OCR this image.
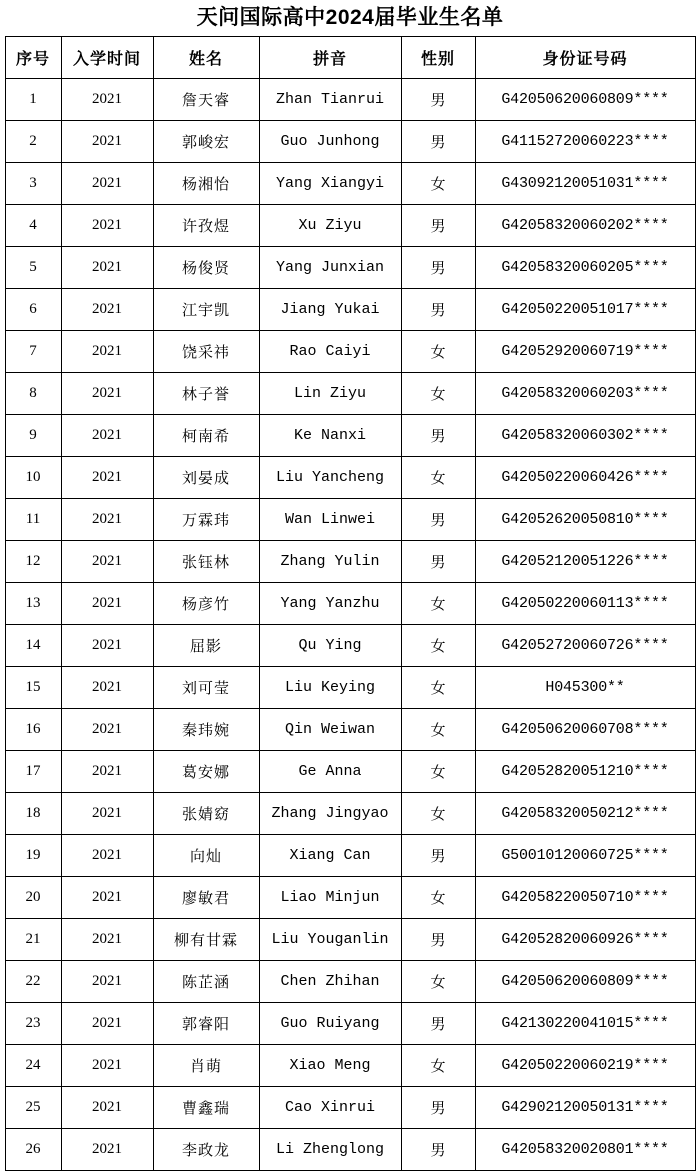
天问国际高中2024届毕业生名单
序号	入学时间	姓名	拼音	性别	身份证号码
1	2021	詹天睿	Zhan Tianrui	男	G42050620060809****
2	2021	郭峻宏	Guo Junhong	男	G41152720060223****
3	2021	杨湘怡	Yang Xiangyi	女	G43092120051031****
4	2021	许孜煜	Xu Ziyu	男	G42058320060202****
5	2021	杨俊贤	Yang Junxian	男	G42058320060205****
6	2021	江宇凯	Jiang Yukai	男	G42050220051017****
7	2021	饶采祎	Rao Caiyi	女	G42052920060719****
8	2021	林子誉	Lin Ziyu	女	G42058320060203****
9	2021	柯南希	Ke Nanxi	男	G42058320060302****
10	2021	刘晏成	Liu Yancheng	女	G42050220060426****
11	2021	万霖玮	Wan Linwei	男	G42052620050810****
12	2021	张钰林	Zhang Yulin	男	G42052120051226****
13	2021	杨彦竹	Yang Yanzhu	女	G42050220060113****
14	2021	屈影	Qu Ying	女	G42052720060726****
15	2021	刘可莹	Liu Keying	女	H045300**
16	2021	秦玮婉	Qin Weiwan	女	G42050620060708****
17	2021	葛安娜	Ge Anna	女	G42052820051210****
18	2021	张婧窈	Zhang Jingyao	女	G42058320050212****
19	2021	向灿	Xiang Can	男	G50010120060725****
20	2021	廖敏君	Liao Minjun	女	G42058220050710****
21	2021	柳有甘霖	Liu Youganlin	男	G42052820060926****
22	2021	陈芷涵	Chen Zhihan	女	G42050620060809****
23	2021	郭睿阳	Guo Ruiyang	男	G42130220041015****
24	2021	肖萌	Xiao Meng	女	G42050220060219****
25	2021	曹鑫瑞	Cao Xinrui	男	G42902120050131****
26	2021	李政龙	Li Zhenglong	男	G42058320020801****
